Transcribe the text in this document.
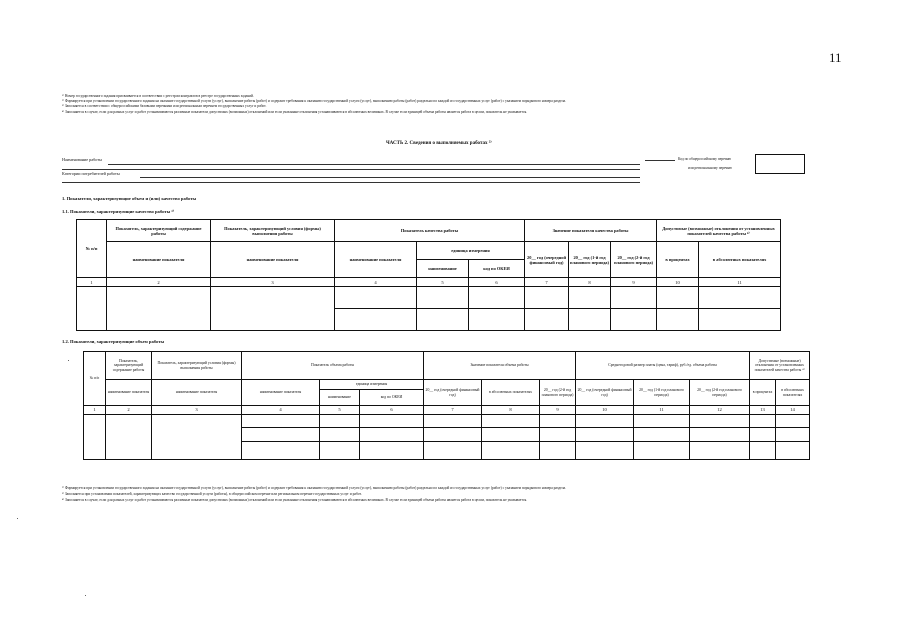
11
¹⁾ Номер государственного задания присваивается в соответствии с реестром контрактов в реестре государственных заданий.
²⁾ Формируется при установлении государственного задания на оказание государственной услуги (услуг), выполнение работы (работ) и содержит требования к оказанию государственной услуги (услуг), выполнению работы (работ) раздельно по каждой из государственных услуг (работ) с указанием порядкового номера раздела.
³⁾ Заполняется в соответствии с общероссийскими базовыми перечнями или региональным перечнем государственных услуг и работ.
⁴⁾ Заполняется в случае, если для разных услуг и работ устанавливаются различные показатели допустимых (возможных) отклонений или если указанные отклонения устанавливаются в абсолютных величинах. В случае если единицей объема работы является работа в целом, показатель не указывается.
ЧАСТЬ 2. Сведения о выполняемых работах ²⁾
Наименование работы
Категории потребителей работы
Код по общероссийскому перечню
или региональному перечню
1. Показатели, характеризующие объем и (или) качество работы
1.1. Показатели, характеризующие качество работы ³⁾
№ п/п	Показатель, характеризующий содержание работы	Показатель, характеризующий условия (формы) выполнения работы	Показатель качества работы			Значение показателя качества работы			Допустимые (возможные) отклонения от установленных показателей качества работы ⁴⁾	
	наименование показателя	наименование показателя	наименование показателя	единица измерения		20__ год (очередной финансовый год)	20__ год (1-й год планового периода)	20__ год (2-й год планового периода)	в процентах	в абсолютных показателях
				наименование	код по ОКЕИ					
1	2	3	4	5	6	7	8	9	10	11

1.2. Показатели, характеризующие объем работы
№ п/п	Показатель, характеризующий содержание работы	Показатель, характеризующий условия (формы) выполнения работы	Показатель объема работы			Значение показателя объема работы			Среднегодовой размер платы (цена, тариф), руб./ед. объема работы			Допустимые (возможные) отклонения от установленных показателей качества работы ⁴⁾	
	наименование показателя	наименование показателя	наименование показателя	единица измерения		20__ год (очередной финансовый год)	в абсолютных показателях	20__ год (2-й год планового периода)	20__ год (очередной финансовый год)	20__ год (1-й год планового периода)	20__ год (2-й год планового периода)	в процентах	в абсолютных показателях
				наименование	код по ОКЕИ								
1	2	3	4	5	6	7	8	9	10	11	12	13	14

²⁾ Формируется при установлении государственного задания на оказание государственной услуги (услуг), выполнение работы (работ) и содержит требования к оказанию государственной услуги (услуг), выполнению работы (работ) раздельно по каждой из государственных услуг (работ) с указанием порядкового номера раздела.
³⁾ Заполняется при установлении показателей, характеризующих качество государственной услуги (работы), в общероссийском перечне или региональном перечне государственных услуг и работ.
⁴⁾ Заполняется в случае, если для разных услуг и работ устанавливаются различные показатели допустимых (возможных) отклонений или если указанные отклонения устанавливаются в абсолютных величинах. В случае если единицей объема работы является работа в целом, показатель не указывается.
